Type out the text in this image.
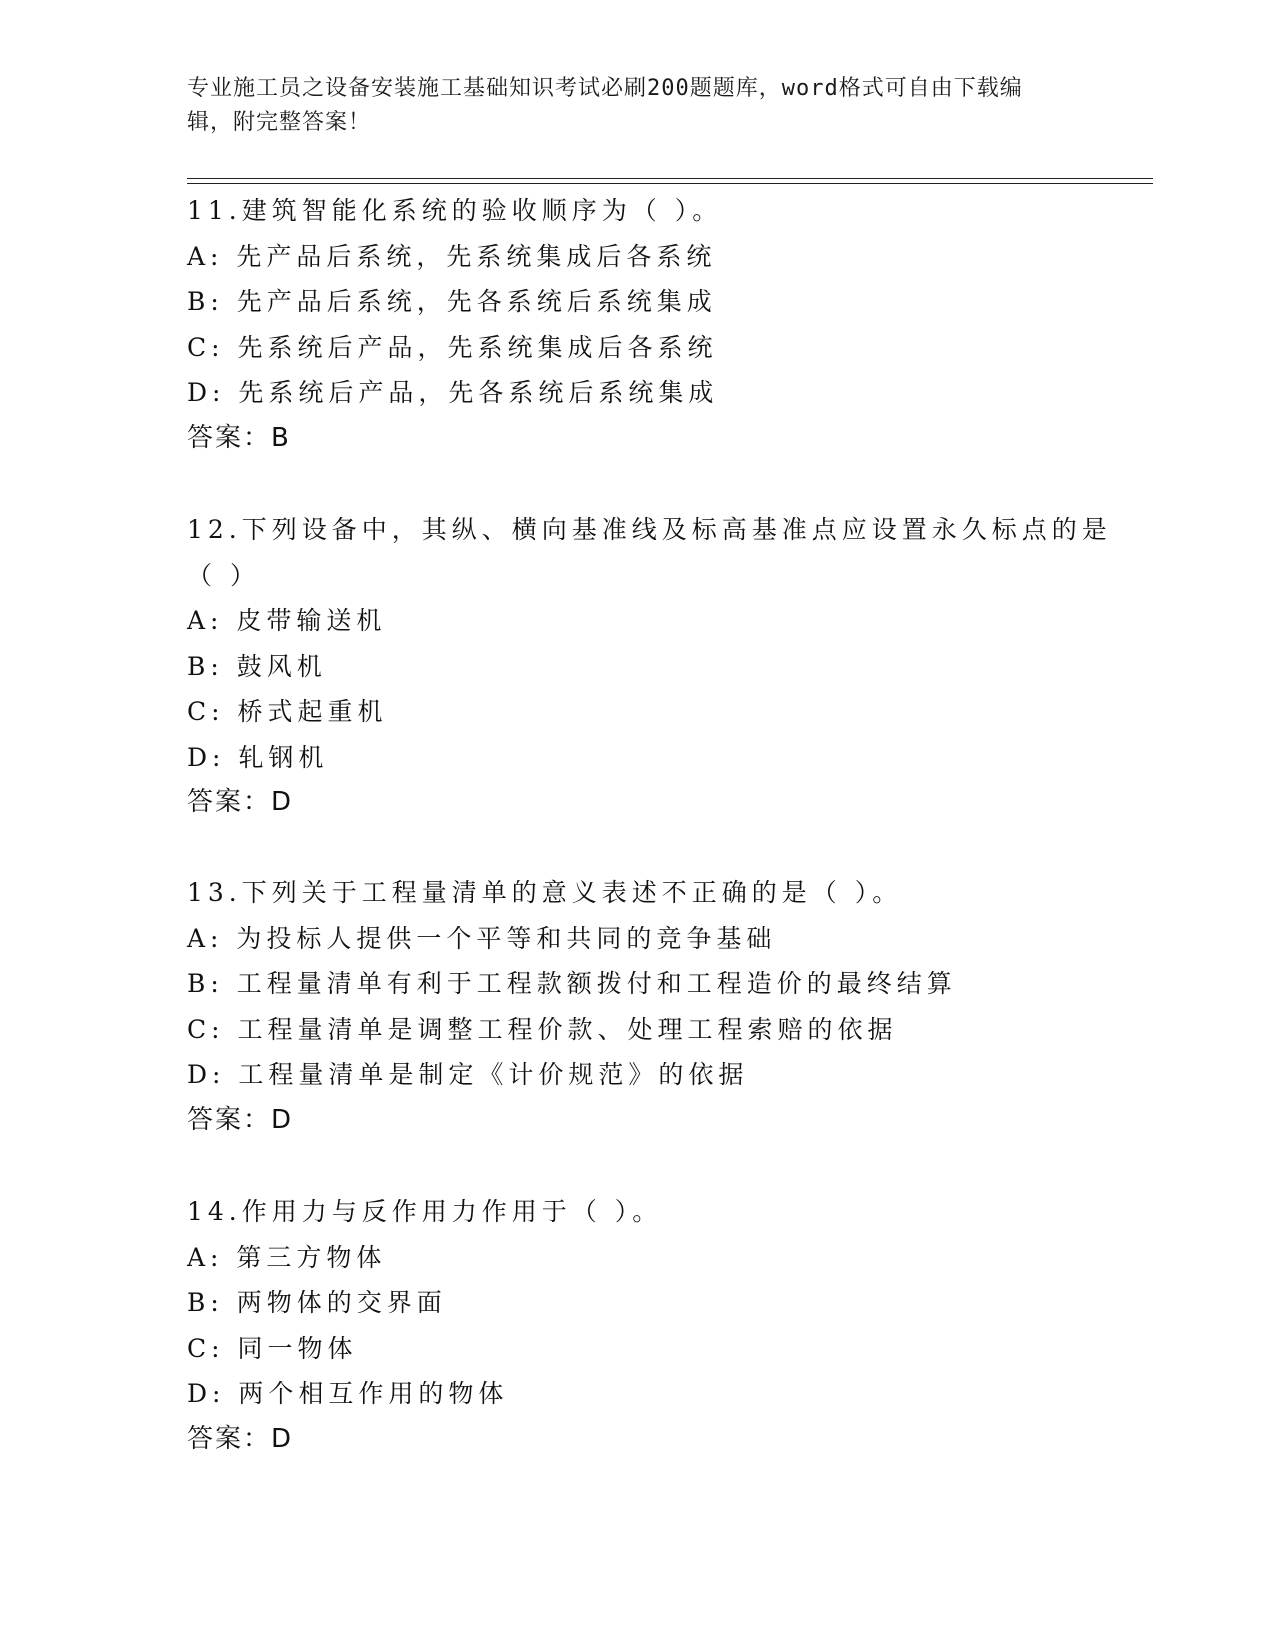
专业施工员之设备安装施工基础知识考试必刷200题题库，word格式可自由下载编辑，附完整答案！
11.建筑智能化系统的验收顺序为（ ）。
A: 先产品后系统，先系统集成后各系统
B: 先产品后系统，先各系统后系统集成
C: 先系统后产品，先系统集成后各系统
D: 先系统后产品，先各系统后系统集成
答案：B
12.下列设备中，其纵、横向基准线及标高基准点应设置永久标点的是
（ ）
A: 皮带输送机
B: 鼓风机
C: 桥式起重机
D: 轧钢机
答案：D
13.下列关于工程量清单的意义表述不正确的是（ ）。
A: 为投标人提供一个平等和共同的竞争基础
B: 工程量清单有利于工程款额拨付和工程造价的最终结算
C: 工程量清单是调整工程价款、处理工程索赔的依据
D: 工程量清单是制定《计价规范》的依据
答案：D
14.作用力与反作用力作用于（ ）。
A: 第三方物体
B: 两物体的交界面
C: 同一物体
D: 两个相互作用的物体
答案：D
